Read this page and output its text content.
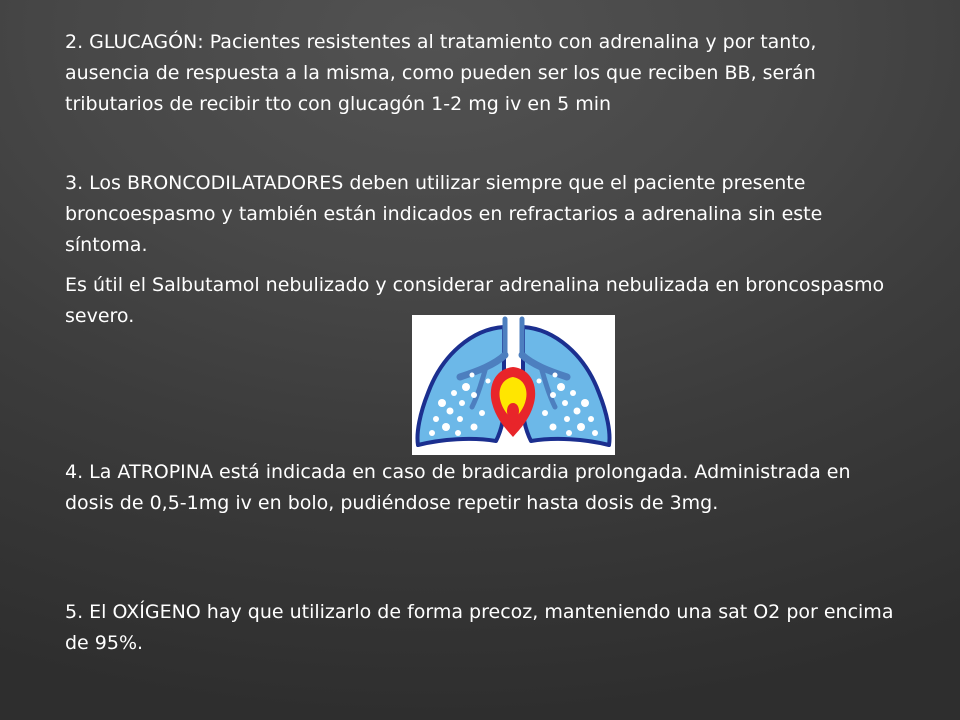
2. GLUCAGÓN: Pacientes resistentes al tratamiento con adrenalina y por tanto, ausencia de respuesta a la misma, como pueden ser los que reciben BB, serán tributarios de recibir tto con glucagón 1-2 mg iv en 5 min

3. Los BRONCODILATADORES deben utilizar siempre que el paciente presente broncoespasmo y también están indicados en refractarios a adrenalina sin este síntoma.

Es útil el Salbutamol nebulizado y considerar adrenalina nebulizada en broncospasmo severo.

4. La ATROPINA está indicada en caso de bradicardia prolongada. Administrada en dosis de 0,5-1mg iv en bolo, pudiéndose repetir hasta dosis de 3mg.

5. El OXÍGENO hay que utilizarlo de forma precoz, manteniendo una sat O2 por encima de 95%.
